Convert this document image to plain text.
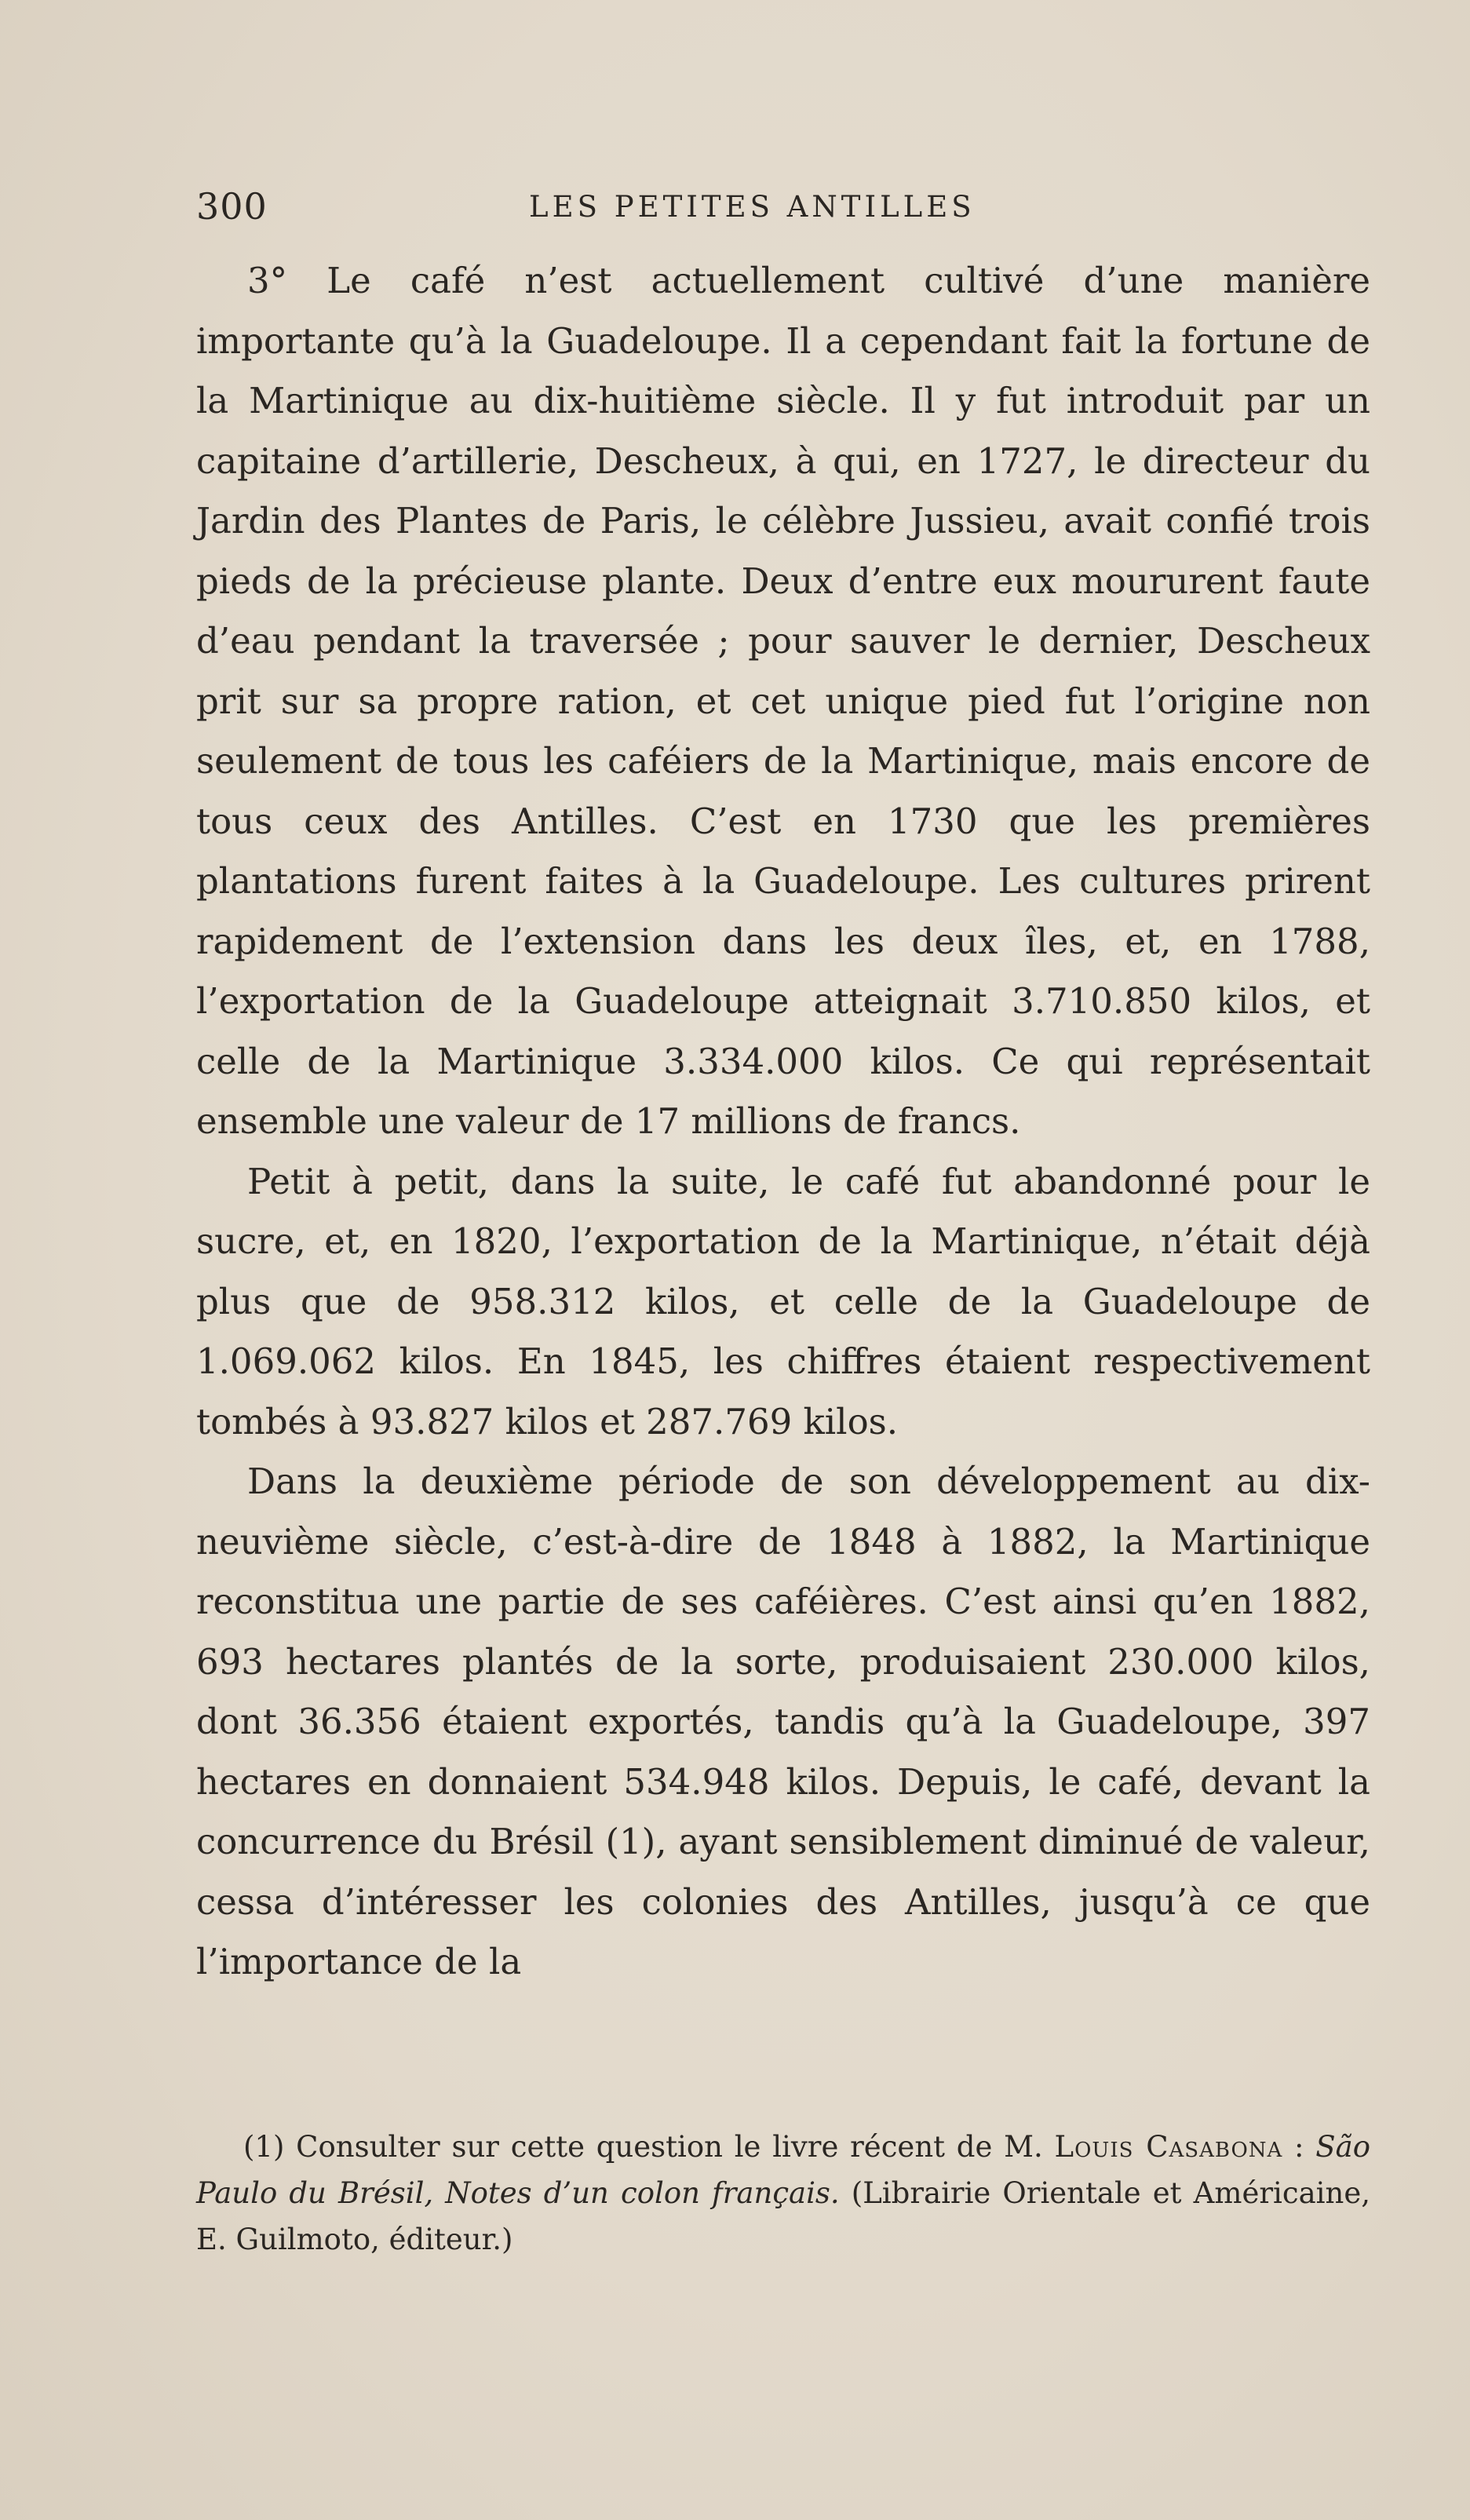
300	LES PETITES ANTILLES

3° Le café n’est actuellement cultivé d’une manière importante qu’à la Guadeloupe. Il a cependant fait la fortune de la Martinique au dix-huitième siècle. Il y fut introduit par un capitaine d’artillerie, Descheux, à qui, en 1727, le directeur du Jardin des Plantes de Paris, le célèbre Jussieu, avait confié trois pieds de la précieuse plante. Deux d’entre eux moururent faute d’eau pendant la traversée ; pour sauver le dernier, Descheux prit sur sa propre ration, et cet unique pied fut l’origine non seulement de tous les caféiers de la Martinique, mais encore de tous ceux des Antilles. C’est en 1730 que les premières plantations furent faites à la Guadeloupe. Les cultures prirent rapidement de l’extension dans les deux îles, et, en 1788, l’exportation de la Guadeloupe atteignait 3.710.850 kilos, et celle de la Martinique 3.334.000 kilos. Ce qui représentait ensemble une valeur de 17 millions de francs.

Petit à petit, dans la suite, le café fut abandonné pour le sucre, et, en 1820, l’exportation de la Martinique, n’était déjà plus que de 958.312 kilos, et celle de la Guadeloupe de 1.069.062 kilos. En 1845, les chiffres étaient respectivement tombés à 93.827 kilos et 287.769 kilos.

Dans la deuxième période de son développement au dix-neuvième siècle, c’est-à-dire de 1848 à 1882, la Martinique reconstitua une partie de ses caféières. C’est ainsi qu’en 1882, 693 hectares plantés de la sorte, produisaient 230.000 kilos, dont 36.356 étaient exportés, tandis qu’à la Guadeloupe, 397 hectares en donnaient 534.948 kilos. Depuis, le café, devant la concurrence du Brésil (1), ayant sensiblement diminué de valeur, cessa d’intéresser les colonies des Antilles, jusqu’à ce que l’importance de la

(1) Consulter sur cette question le livre récent de M. Louis Casabona : São Paulo du Brésil, Notes d’un colon français. (Librairie Orientale et Américaine, E. Guilmoto, éditeur.)
